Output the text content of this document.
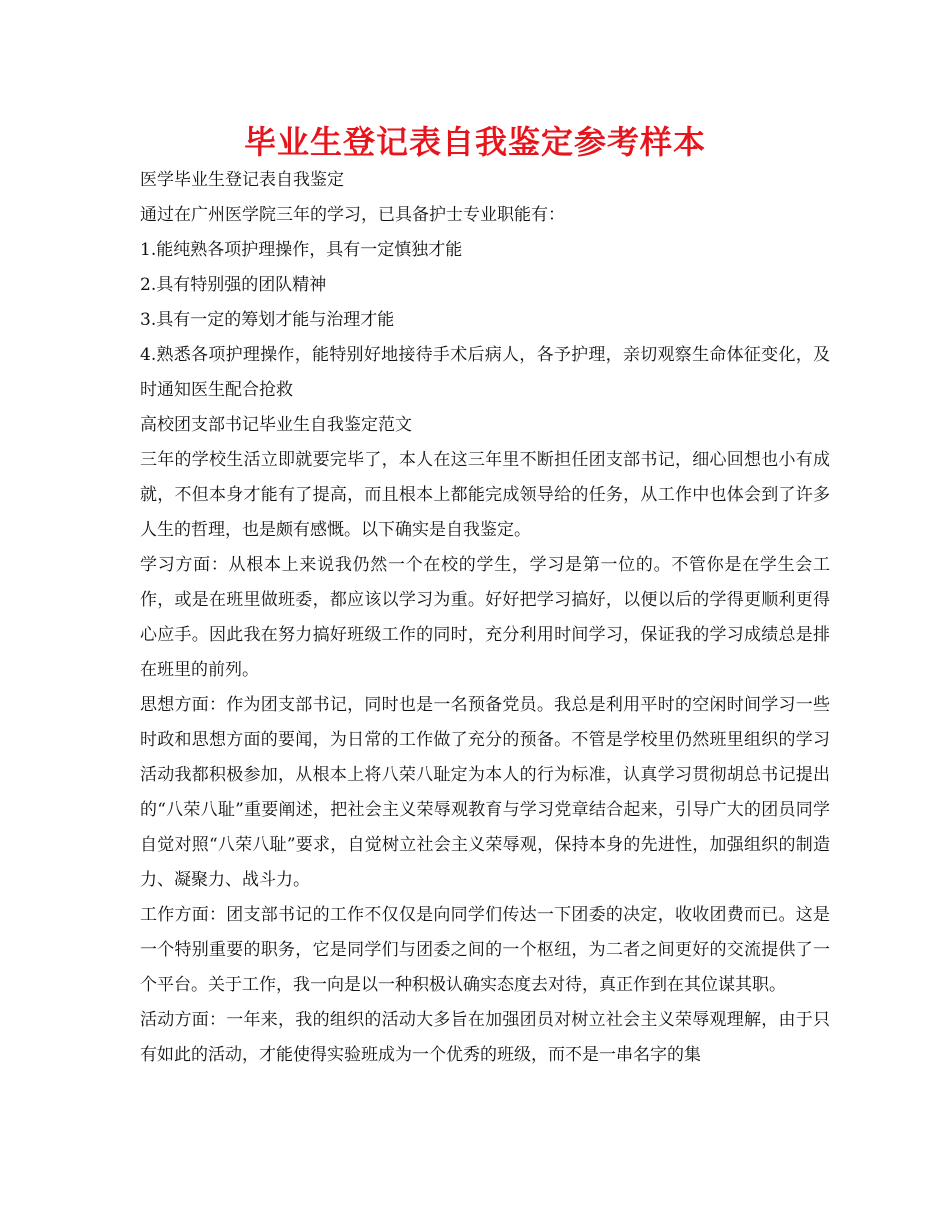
毕业生登记表自我鉴定参考样本

医学毕业生登记表自我鉴定

通过在广州医学院三年的学习，已具备护士专业职能有：

1.能纯熟各项护理操作，具有一定慎独才能

2.具有特别强的团队精神

3.具有一定的筹划才能与治理才能

4.熟悉各项护理操作，能特别好地接待手术后病人，各予护理，亲切观察生命体征变化，及时通知医生配合抢救

高校团支部书记毕业生自我鉴定范文

三年的学校生活立即就要完毕了，本人在这三年里不断担任团支部书记，细心回想也小有成就，不但本身才能有了提高，而且根本上都能完成领导给的任务，从工作中也体会到了许多人生的哲理，也是颇有感慨。以下确实是自我鉴定。

学习方面：从根本上来说我仍然一个在校的学生，学习是第一位的。不管你是在学生会工作，或是在班里做班委，都应该以学习为重。好好把学习搞好，以便以后的学得更顺利更得心应手。因此我在努力搞好班级工作的同时，充分利用时间学习，保证我的学习成绩总是排在班里的前列。

思想方面：作为团支部书记，同时也是一名预备党员。我总是利用平时的空闲时间学习一些时政和思想方面的要闻，为日常的工作做了充分的预备。不管是学校里仍然班里组织的学习活动我都积极参加，从根本上将八荣八耻定为本人的行为标准，认真学习贯彻胡总书记提出的“八荣八耻”重要阐述，把社会主义荣辱观教育与学习党章结合起来，引导广大的团员同学自觉对照“八荣八耻”要求，自觉树立社会主义荣辱观，保持本身的先进性，加强组织的制造力、凝聚力、战斗力。

工作方面：团支部书记的工作不仅仅是向同学们传达一下团委的决定，收收团费而已。这是一个特别重要的职务，它是同学们与团委之间的一个枢纽，为二者之间更好的交流提供了一个平台。关于工作，我一向是以一种积极认确实态度去对待，真正作到在其位谋其职。

活动方面：一年来，我的组织的活动大多旨在加强团员对树立社会主义荣辱观理解，由于只有如此的活动，才能使得实验班成为一个优秀的班级，而不是一串名字的集
